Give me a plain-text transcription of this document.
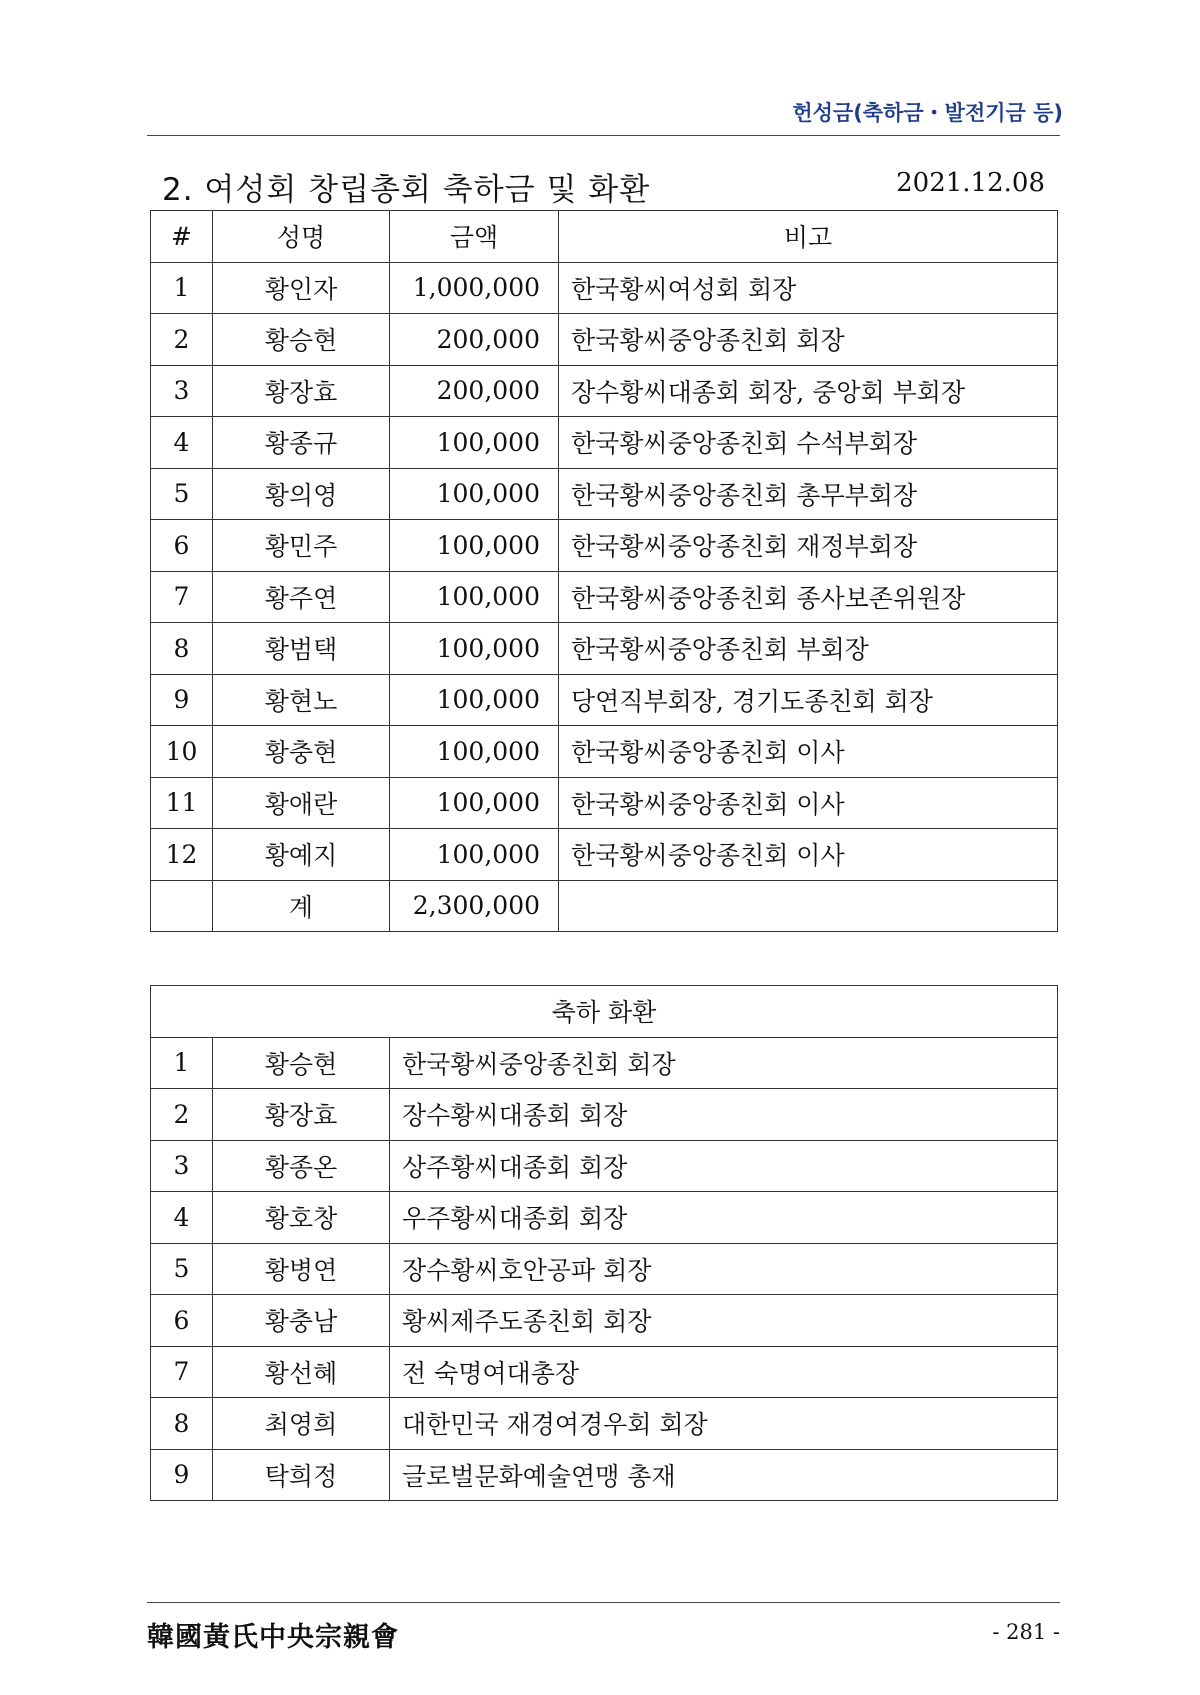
헌성금(축하금・발전기금 등)
2. 여성회 창립총회 축하금 및 화환	2021.12.08
#	성명	금액	비고
1	황인자	1,000,000	한국황씨여성회 회장
2	황승현	200,000	한국황씨중앙종친회 회장
3	황장효	200,000	장수황씨대종회 회장, 중앙회 부회장
4	황종규	100,000	한국황씨중앙종친회 수석부회장
5	황의영	100,000	한국황씨중앙종친회 총무부회장
6	황민주	100,000	한국황씨중앙종친회 재정부회장
7	황주연	100,000	한국황씨중앙종친회 종사보존위원장
8	황범택	100,000	한국황씨중앙종친회 부회장
9	황현노	100,000	당연직부회장, 경기도종친회 회장
10	황충현	100,000	한국황씨중앙종친회 이사
11	황애란	100,000	한국황씨중앙종친회 이사
12	황예지	100,000	한국황씨중앙종친회 이사
	계	2,300,000	
축하 화환		
1	황승현	한국황씨중앙종친회 회장
2	황장효	장수황씨대종회 회장
3	황종온	상주황씨대종회 회장
4	황호창	우주황씨대종회 회장
5	황병연	장수황씨호안공파 회장
6	황충남	황씨제주도종친회 회장
7	황선혜	전 숙명여대총장
8	최영희	대한민국 재경여경우회 회장
9	탁희정	글로벌문화예술연맹 총재
韓國黃氏中央宗親會	- 281 -
